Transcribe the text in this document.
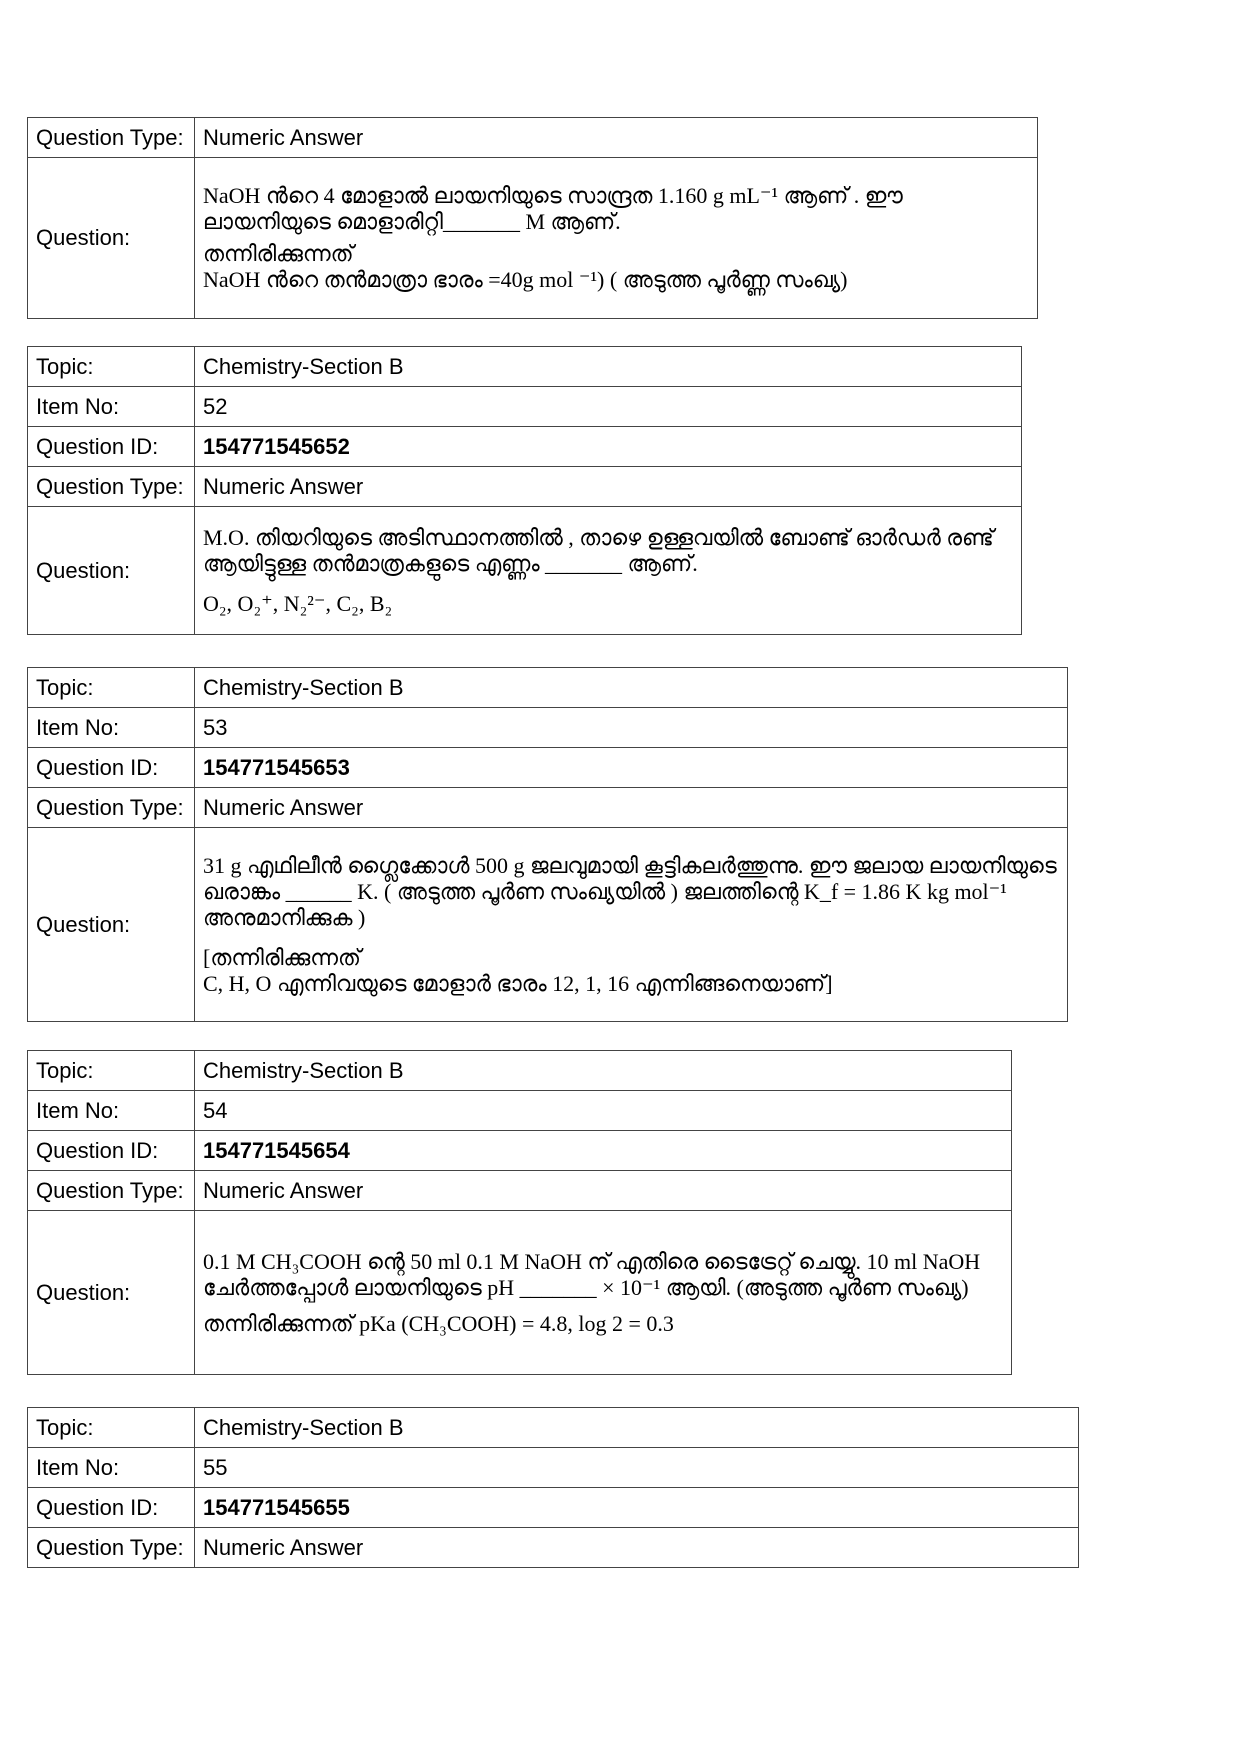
Question Type:	Numeric Answer
Question:	NaOH ൻറെ 4 മോളാൽ ലായനിയുടെ സാന്ദ്രത 1.160 g mL⁻¹ ആണ് . ഈ ലായനിയുടെ മൊളാരിറ്റി_______ M ആണ്.

തന്നിരിക്കുന്നത്

NaOH ൻറെ തൻമാത്രാ ഭാരം =40g mol ⁻¹) ( അടുത്ത പൂർണ്ണ സംഖ്യ)

Topic:	Chemistry-Section B
Item No:	52
Question ID:	154771545652
Question Type:	Numeric Answer
Question:	M.O. തിയറിയുടെ അടിസ്ഥാനത്തിൽ , താഴെ ഉള്ളവയിൽ ബോണ്ട് ഓർഡർ രണ്ട് ആയിട്ടുള്ള തൻമാത്രകളുടെ എണ്ണം _______ ആണ്.

O₂, O₂⁺, N₂²⁻, C₂, B₂

Topic:	Chemistry-Section B
Item No:	53
Question ID:	154771545653
Question Type:	Numeric Answer
Question:	31 g എഥിലീൻ ഗ്ലൈക്കോൾ 500 g ജലവുമായി കൂട്ടികലർത്തുന്നു. ഈ ജലായ ലായനിയുടെ ഖരാങ്കം ______ K. ( അടുത്ത പൂർണ സംഖ്യയിൽ ) ജലത്തിന്റെ K_f = 1.86 K kg mol⁻¹ അനുമാനിക്കുക )

[തന്നിരിക്കുന്നത്

C, H, O എന്നിവയുടെ മോളാർ ഭാരം 12, 1, 16 എന്നിങ്ങനെയാണ്]

Topic:	Chemistry-Section B
Item No:	54
Question ID:	154771545654
Question Type:	Numeric Answer
Question:	0.1 M CH₃COOH ന്റെ 50 ml 0.1 M NaOH ന് എതിരെ ടൈട്രേറ്റ് ചെയ്യു. 10 ml NaOH ചേർത്തപ്പോൾ ലായനിയുടെ pH _______ × 10⁻¹ ആയി. (അടുത്ത പൂർണ സംഖ്യ)

തന്നിരിക്കുന്നത് pKa (CH₃COOH) = 4.8, log 2 = 0.3

Topic:	Chemistry-Section B
Item No:	55
Question ID:	154771545655
Question Type:	Numeric Answer
